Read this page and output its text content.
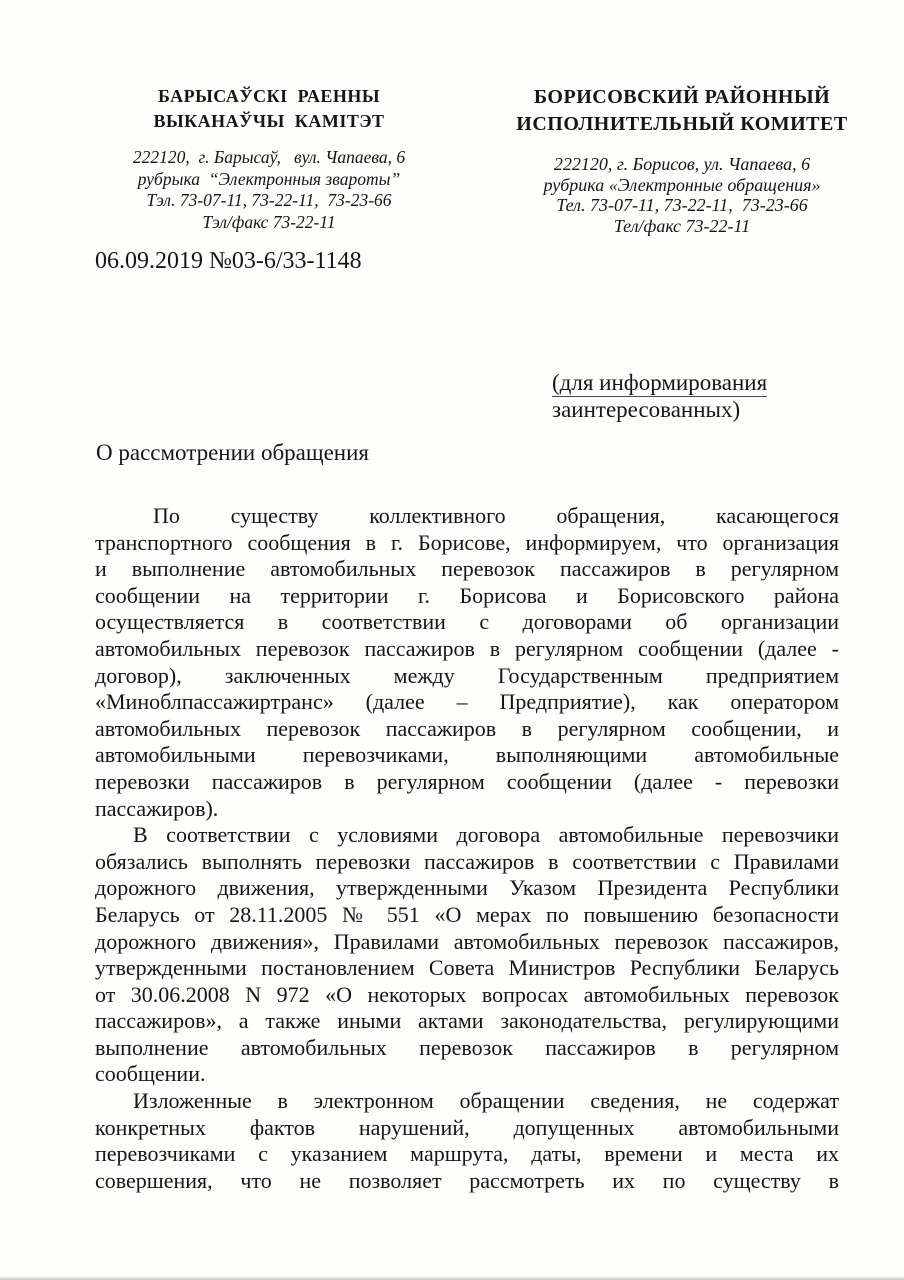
БАРЫСАЎСКІ  РАЕННЫ
ВЫКАНАЎЧЫ  КАМІТЭТ
222120,  г. Барысаў,   вул. Чапаева, 6
рубрыка  “Электронныя звароты”
Тэл. 73-07-11, 73-22-11,  73-23-66
Тэл/факс 73-22-11
БОРИСОВСКИЙ РАЙОННЫЙ
ИСПОЛНИТЕЛЬНЫЙ КОМИТЕТ
222120, г. Борисов, ул. Чапаева, 6
рубрика «Электронные обращения»
Тел. 73-07-11, 73-22-11,  73-23-66
Тел/факс 73-22-11
06.09.2019 №03-6/33-1148
(для информирования
заинтересованных)
О рассмотрении обращения
По существу коллективного обращения, касающегося
транспортного сообщения в г. Борисове, информируем, что организация
и выполнение автомобильных перевозок пассажиров в регулярном
сообщении на территории г. Борисова и Борисовского района
осуществляется в соответствии с договорами об организации
автомобильных перевозок пассажиров в регулярном сообщении (далее -
договор), заключенных между Государственным предприятием
«Миноблпассажиртранс» (далее – Предприятие), как оператором
автомобильных перевозок пассажиров в регулярном сообщении, и
автомобильными перевозчиками, выполняющими автомобильные
перевозки пассажиров в регулярном сообщении (далее - перевозки
пассажиров).
В соответствии с условиями договора автомобильные перевозчики
обязались выполнять перевозки пассажиров в соответствии с Правилами
дорожного движения, утвержденными Указом Президента Республики
Беларусь от 28.11.2005 № 551 «О мерах по повышению безопасности
дорожного движения», Правилами автомобильных перевозок пассажиров,
утвержденными постановлением Совета Министров Республики Беларусь
от 30.06.2008 N 972 «О некоторых вопросах автомобильных перевозок
пассажиров», а также иными актами законодательства, регулирующими
выполнение автомобильных перевозок пассажиров в регулярном
сообщении.
Изложенные в электронном обращении сведения, не содержат
конкретных фактов нарушений, допущенных автомобильными
перевозчиками с указанием маршрута, даты, времени и места их
совершения, что не позволяет рассмотреть их по существу в
